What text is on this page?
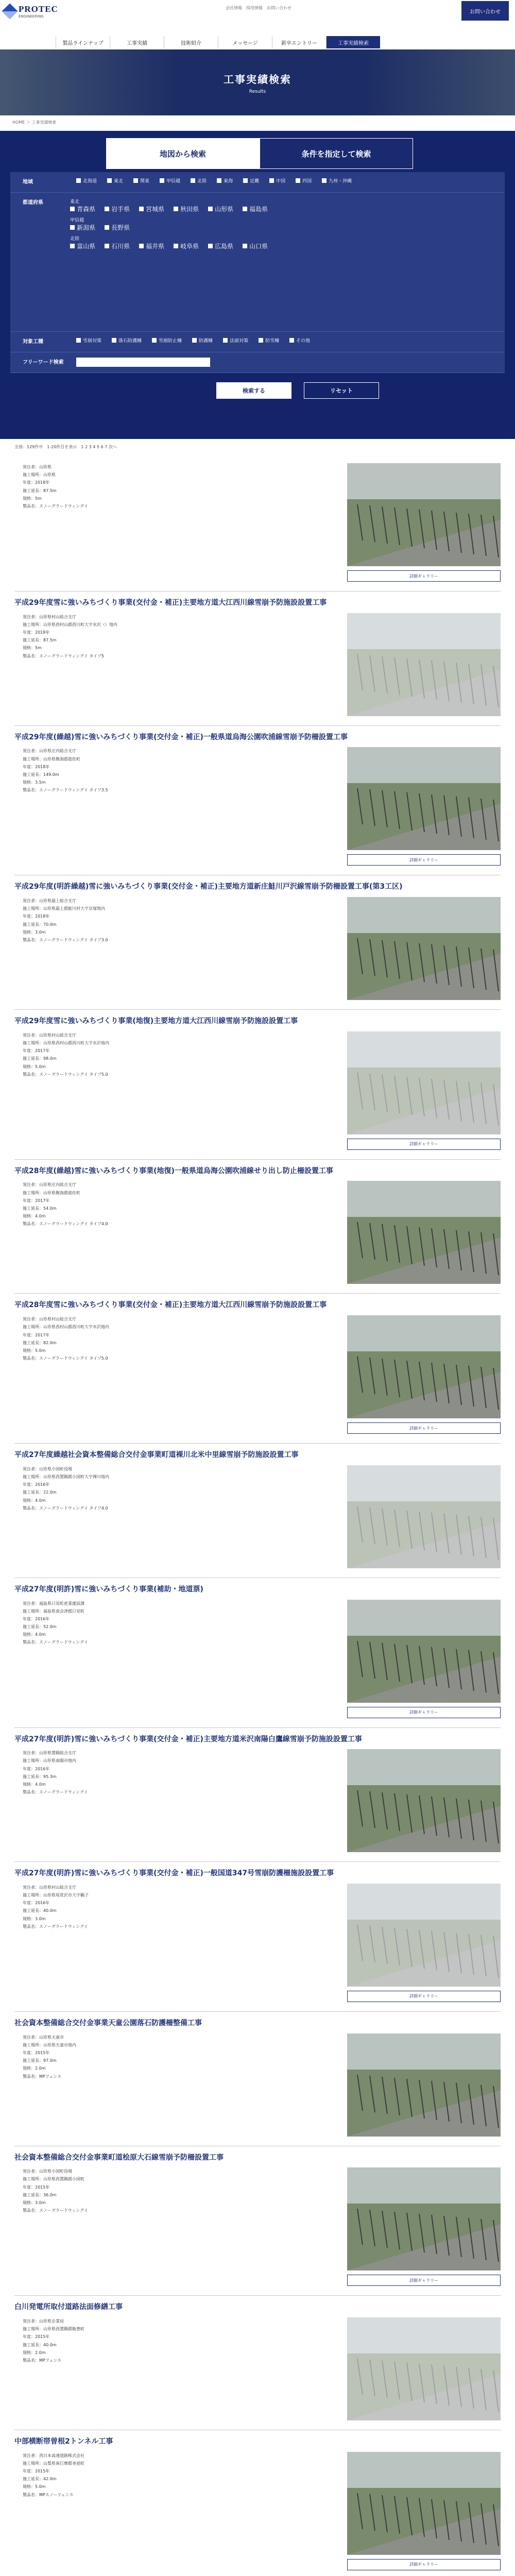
PROTEC
ENGINEERING
会社情報 採用情報 お問い合わせ
お問い合わせ
製品ラインナップ	工事実績	技術紹介	メッセージ	新卒エントリー	工事実績検索
工事実績検索
Results
HOME ＞ 工事実績検索
地図から検索	条件を指定して検索
地域	北海道	東北	関東	甲信越	北陸	東海	近畿	中国	四国	九州・沖縄
都道府県	東北
青森県	岩手県	宮城県	秋田県	山形県	福島県
甲信越
新潟県	長野県
北陸
富山県	石川県	福井県	岐阜県	広島県	山口県
対象工種	雪崩対策	落石防護柵	雪崩防止柵	防護柵	法面対策	防雪柵	その他
フリーワード検索
検索する	リセット
全部：129件中　1-20件目を表示　1 2 3 4 5 6 7 次へ
発注者：山形県
施工場所：山形県
年度：2018年
施工延長：87.5m
規格：5m
製品名：スノーグラードウィングイ
詳細ギャラリー
平成29年度雪に強いみちづくり事業(交付金・補正)主要地方道大江西川線雪崩予防施設設置工事
発注者：山形県村山総合支庁
施工場所：山形県西村山郡西川町大字水沢（）地内
年度：2018年
施工延長：87.5m
規格：5m
製品名：スノーグラードウィングイ タイプ5
平成29年度(繰越)雪に強いみちづくり事業(交付金・補正)一般県道烏海公園吹浦線雪崩予防柵設置工事
発注者：山形県庄内総合支庁
施工場所：山形県飽海郡遊佐町
年度：2018年
施工延長：149.0m
規格：3.5m
製品名：スノーグラードウィングイ タイプ3.5
詳細ギャラリー
平成29年度(明許繰越)雪に強いみちづくり事業(交付金・補正)主要地方道新庄鮭川戸沢線雪崩予防柵設置工事(第3工区)
発注者：山形県最上総合支庁
施工場所：山形県最上郡鮭川村大字京塚地内
年度：2018年
施工延長：70.0m
規格：3.0m
製品名：スノーグラードウィングイ タイプ3.0
平成29年度雪に強いみちづくり事業(地復)主要地方道大江西川線雪崩予防施設設置工事
発注者：山形県村山総合支庁
施工場所：山形県西村山郡西川町大字水沢地内
年度：2017年
施工延長：98.0m
規格：5.0m
製品名：スノーグラードウィングイ タイプ5.0
詳細ギャラリー
平成28年度(繰越)雪に強いみちづくり事業(地復)一般県道烏海公園吹浦線せり出し防止柵設置工事
発注者：山形県庄内総合支庁
施工場所：山形県飽海郡遊佐町
年度：2017年
施工延長：54.0m
規格：4.0m
製品名：スノーグラードウィングイ タイプ4.0
平成28年度雪に強いみちづくり事業(交付金・補正)主要地方道大江西川線雪崩予防施設設置工事
発注者：山形県村山総合支庁
施工場所：山形県西村山郡西川町大字水沢地内
年度：2017年
施工延長：82.0m
規格：5.0m
製品名：スノーグラードウィングイ タイプ5.0
詳細ギャラリー
平成27年度繰越社会資本整備総合交付金事業町道裸川北米中里線雪崩予防施設設置工事
発注者：山形県小国町役場
施工場所：山形県西置賜郡小国町大字裸川地内
年度：2016年
施工延長：22.0m
規格：4.0m
製品名：スノーグラードウィングイ タイプ4.0
平成27年度(明許)雪に強いみちづくり事業(補助・地道票)
発注者：福島県只見町産業建設課
施工場所：福島県南会津郡只見町
年度：2016年
施工延長：52.0m
規格：4.0m
製品名：スノーグラードウィングイ
詳細ギャラリー
平成27年度(明許)雪に強いみちづくり事業(交付金・補正)主要地方道米沢南陽白鷹線雪崩予防施設設置工事
発注者：山形県置賜総合支庁
施工場所：山形県南陽市地内
年度：2016年
施工延長：95.3m
規格：4.0m
製品名：スノーグラードウィングイ
平成27年度(明許)雪に強いみちづくり事業(交付金・補正)一般国道347号雪崩防護柵施設設置工事
発注者：山形県村山総合支庁
施工場所：山形県尾花沢市大字鶴子
年度：2016年
施工延長：40.0m
規格：3.0m
製品名：スノーグラードウィングイ
詳細ギャラリー
社会資本整備総合交付金事業天童公園落石防護柵整備工事
発注者：山形県天童市
施工場所：山形県天童市地内
年度：2015年
施工延長：97.0m
規格：2.0m
製品名：MPフェンス
社会資本整備総合交付金事業町道桧原大石線雪崩予防柵設置工事
発注者：山形県小国町役場
施工場所：山形県西置賜郡小国町
年度：2015年
施工延長：36.0m
規格：3.0m
製品名：スノーグラードウィングイ
詳細ギャラリー
白川発電所取付道路法面修繕工事
発注者：山形県企業局
施工場所：山形県西置賜郡飯豊町
年度：2015年
施工延長：40.0m
規格：2.0m
製品名：MPフェンス
中部横断帯曽根2トンネル工事
発注者：西日本高速道路株式会社
施工場所：山梨県南巨摩郡身延町
年度：2015年
施工延長：42.0m
規格：5.0m
製品名：MPスノーフェンス
詳細ギャラリー
